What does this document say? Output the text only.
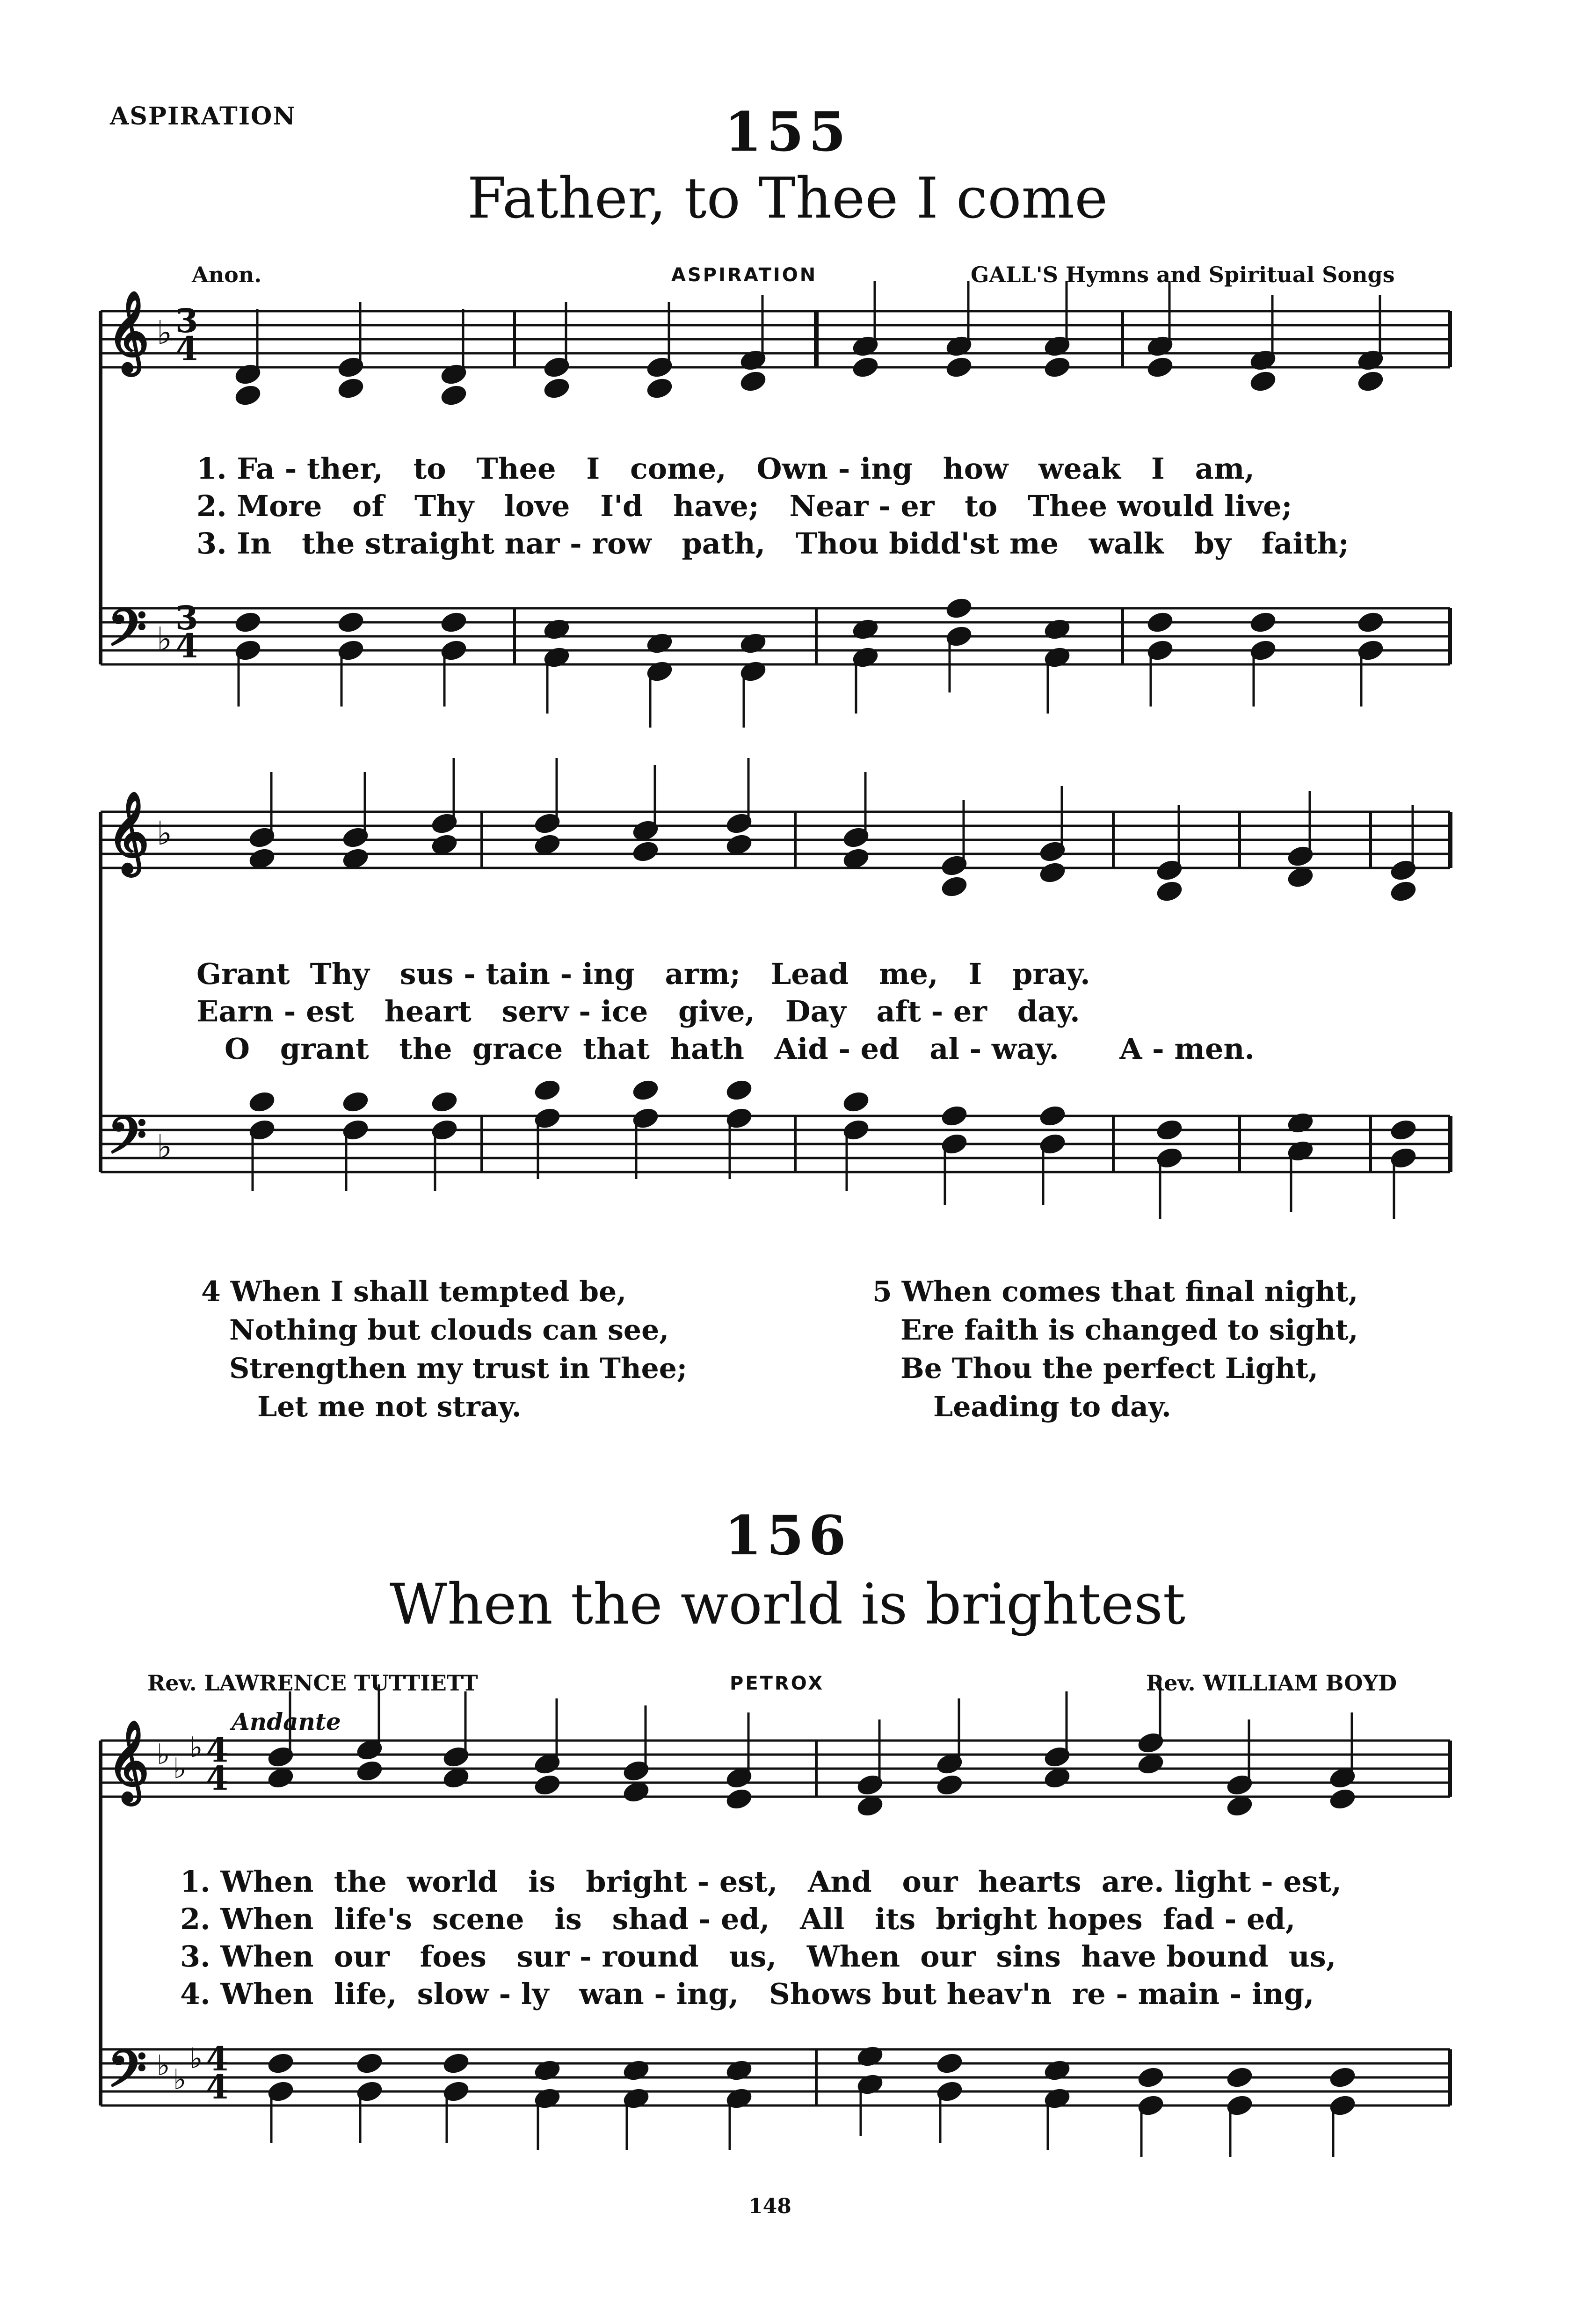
ASPIRATION	155
Father, to Thee I come
Anon.	ASPIRATION	GALL'S Hymns and Spiritual Songs
1. Fa - ther,   to   Thee   I   come,   Own - ing   how   weak   I   am,
2. More   of   Thy   love   I'd   have;   Near - er   to   Thee would live;
3. In   the straight nar - row   path,   Thou bidd'st me   walk   by   faith;
Grant  Thy   sus - tain - ing   arm;   Lead   me,   I   pray.
Earn - est   heart   serv - ice   give,   Day   aft - er   day.
O   grant   the  grace  that  hath   Aid - ed   al - way.      A - men.
4 When I shall tempted be,
Nothing but clouds can see,
Strengthen my trust in Thee;
Let me not stray.
5 When comes that final night,
Ere faith is changed to sight,
Be Thou the perfect Light,
Leading to day.
156
When the world is brightest
Rev. LAWRENCE TUTTIETT	PETROX	Rev. WILLIAM BOYD
Andante
1. When  the  world   is   bright - est,   And   our  hearts  are. light - est,
2. When  life's  scene   is   shad - ed,   All   its  bright hopes  fad - ed,
3. When  our   foes   sur - round   us,   When  our  sins  have bound  us,
4. When  life,  slow - ly   wan - ing,   Shows but heav'n  re - main - ing,
148
𝄞 ♭ 3
4
𝄢 ♭
3
4
𝄞 ♭
𝄢 ♭
𝄞 ♭ ♭
♭ 4
4
𝄢 ♭ ♭
♭ 4
4
